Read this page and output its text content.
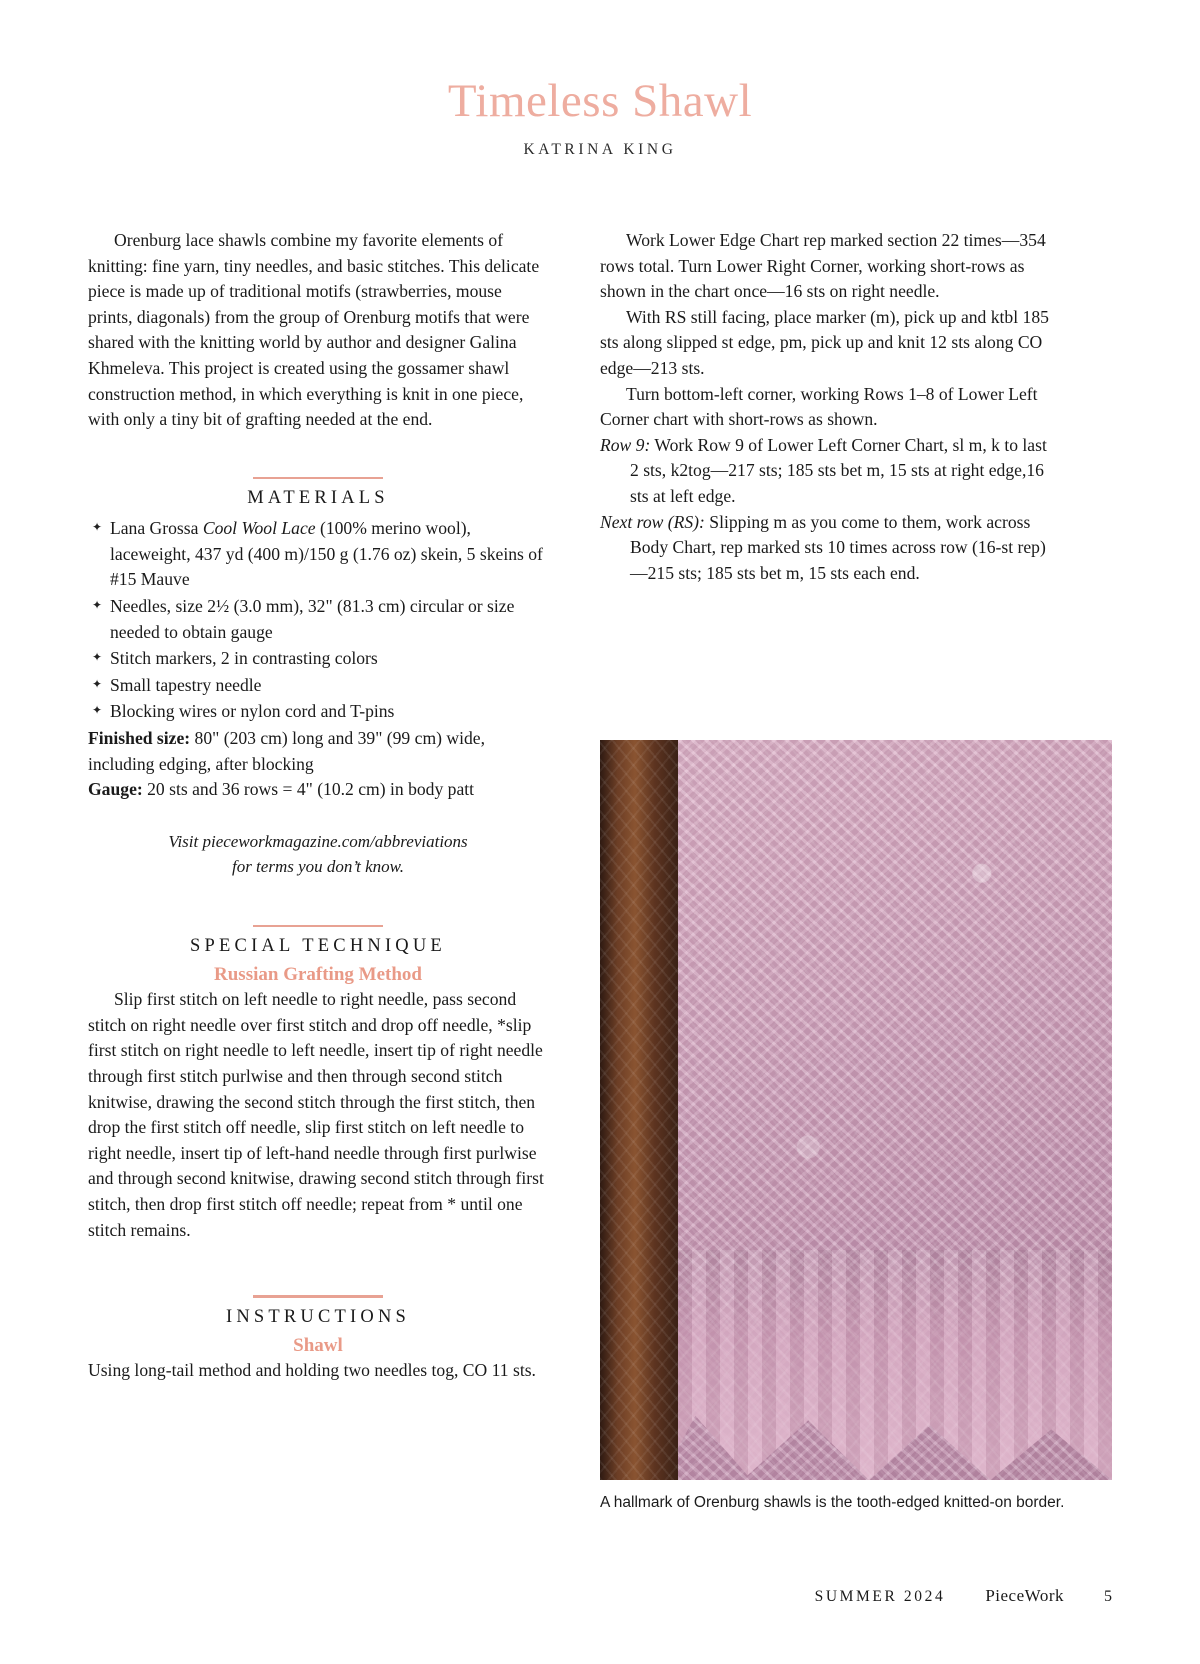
Timeless Shawl
KATRINA KING

Orenburg lace shawls combine my favorite elements of knitting: fine yarn, tiny needles, and basic stitches. This delicate piece is made up of traditional motifs (strawberries, mouse prints, diagonals) from the group of Orenburg motifs that were shared with the knitting world by author and designer Galina Khmeleva. This project is created using the gossamer shawl construction method, in which everything is knit in one piece, with only a tiny bit of grafting needed at the end.

MATERIALS
✦ Lana Grossa Cool Wool Lace (100% merino wool), laceweight, 437 yd (400 m)/150 g (1.76 oz) skein, 5 skeins of #15 Mauve
✦ Needles, size 2½ (3.0 mm), 32" (81.3 cm) circular or size needed to obtain gauge
✦ Stitch markers, 2 in contrasting colors
✦ Small tapestry needle
✦ Blocking wires or nylon cord and T-pins
Finished size: 80" (203 cm) long and 39" (99 cm) wide, including edging, after blocking
Gauge: 20 sts and 36 rows = 4" (10.2 cm) in body patt
Visit pieceworkmagazine.com/abbreviations
for terms you don’t know.
SPECIAL TECHNIQUE
Russian Grafting Method

Slip first stitch on left needle to right needle, pass second stitch on right needle over first stitch and drop off needle, *slip first stitch on right needle to left needle, insert tip of right needle through first stitch purlwise and then through second stitch knitwise, drawing the second stitch through the first stitch, then drop the first stitch off needle, slip first stitch on left needle to right needle, insert tip of left-hand needle through first purlwise and through second knitwise, drawing second stitch through first stitch, then drop first stitch off needle; repeat from * until one stitch remains.

INSTRUCTIONS
Shawl

Using long-tail method and holding two needles tog, CO 11 sts.

Work Lower Edge Chart rep marked section 22 times—354 rows total. Turn Lower Right Corner, working short-rows as shown in the chart once—16 sts on right needle.

With RS still facing, place marker (m), pick up and ktbl 185 sts along slipped st edge, pm, pick up and knit 12 sts along CO edge—213 sts.

Turn bottom-left corner, working Rows 1–8 of Lower Left Corner chart with short-rows as shown.

Row 9: Work Row 9 of Lower Left Corner Chart, sl m, k to last 2 sts, k2tog—217 sts; 185 sts bet m, 15 sts at right edge,16 sts at left edge.

Next row (RS): Slipping m as you come to them, work across Body Chart, rep marked sts 10 times across row (16-st rep)—215 sts; 185 sts bet m, 15 sts each end.

A hallmark of Orenburg shawls is the tooth-edged knitted-on border.
SUMMER 2024 PieceWork	5
